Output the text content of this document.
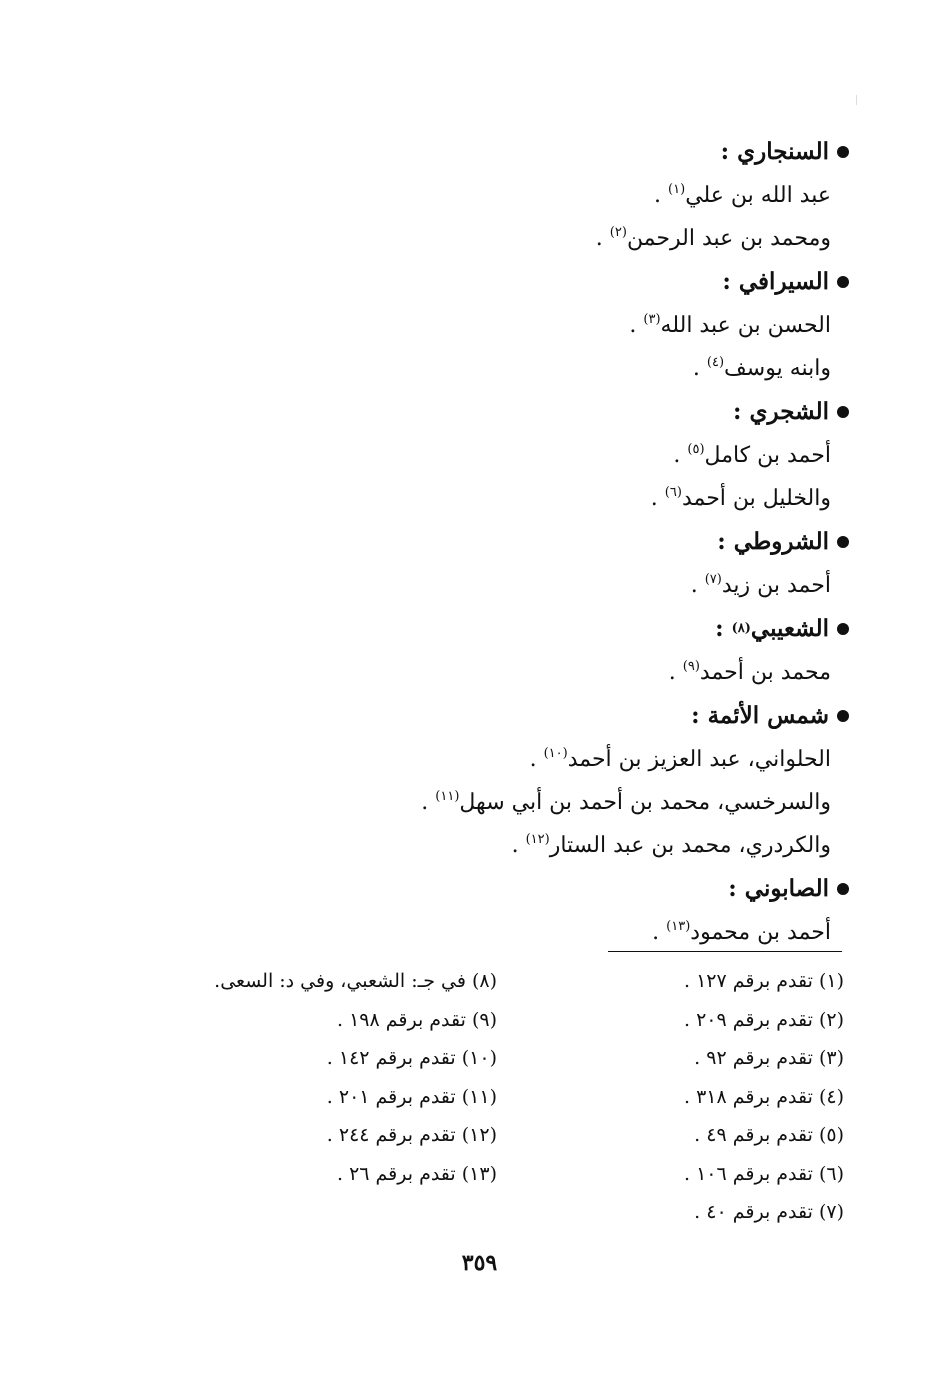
السنجاري
:
عبد الله بن علي$^{(١)}$ .
ومحمد بن عبد الرحمن$^{(٢)}$ .
السيرافي
:
الحسن بن عبد الله$^{(٣)}$ .
وابنه يوسف$^{(٤)}$ .
الشجري
:
أحمد بن كامل$^{(٥)}$ .
والخليل بن أحمد$^{(٦)}$ .
الشروطي
:
أحمد بن زيد$^{(٧)}$ .
الشعيبي
(٨)
:
محمد بن أحمد$^{(٩)}$ .
شمس الأئمة
:
الحلواني، عبد العزيز بن أحمد$^{(١٠)}$ .
والسرخسي، محمد بن أحمد بن أبي سهل$^{(١١)}$ .
والكردري، محمد بن عبد الستار$^{(١٢)}$ .
الصابوني
:
أحمد بن محمود$^{(١٣)}$ .
(١) تقدم برقم ١٢٧ .
(٢) تقدم برقم ٢٠٩ .
(٣) تقدم برقم ٩٢ .
(٤) تقدم برقم ٣١٨ .
(٥) تقدم برقم ٤٩ .
(٦) تقدم برقم ١٠٦ .
(٧) تقدم برقم ٤٠ .
(٨) في جـ: الشعبي، وفي د: السعى.
(٩) تقدم برقم ١٩٨ .
(١٠) تقدم برقم ١٤٢ .
(١١) تقدم برقم ٢٠١ .
(١٢) تقدم برقم ٢٤٤ .
(١٣) تقدم برقم ٢٦ .
٣٥٩
